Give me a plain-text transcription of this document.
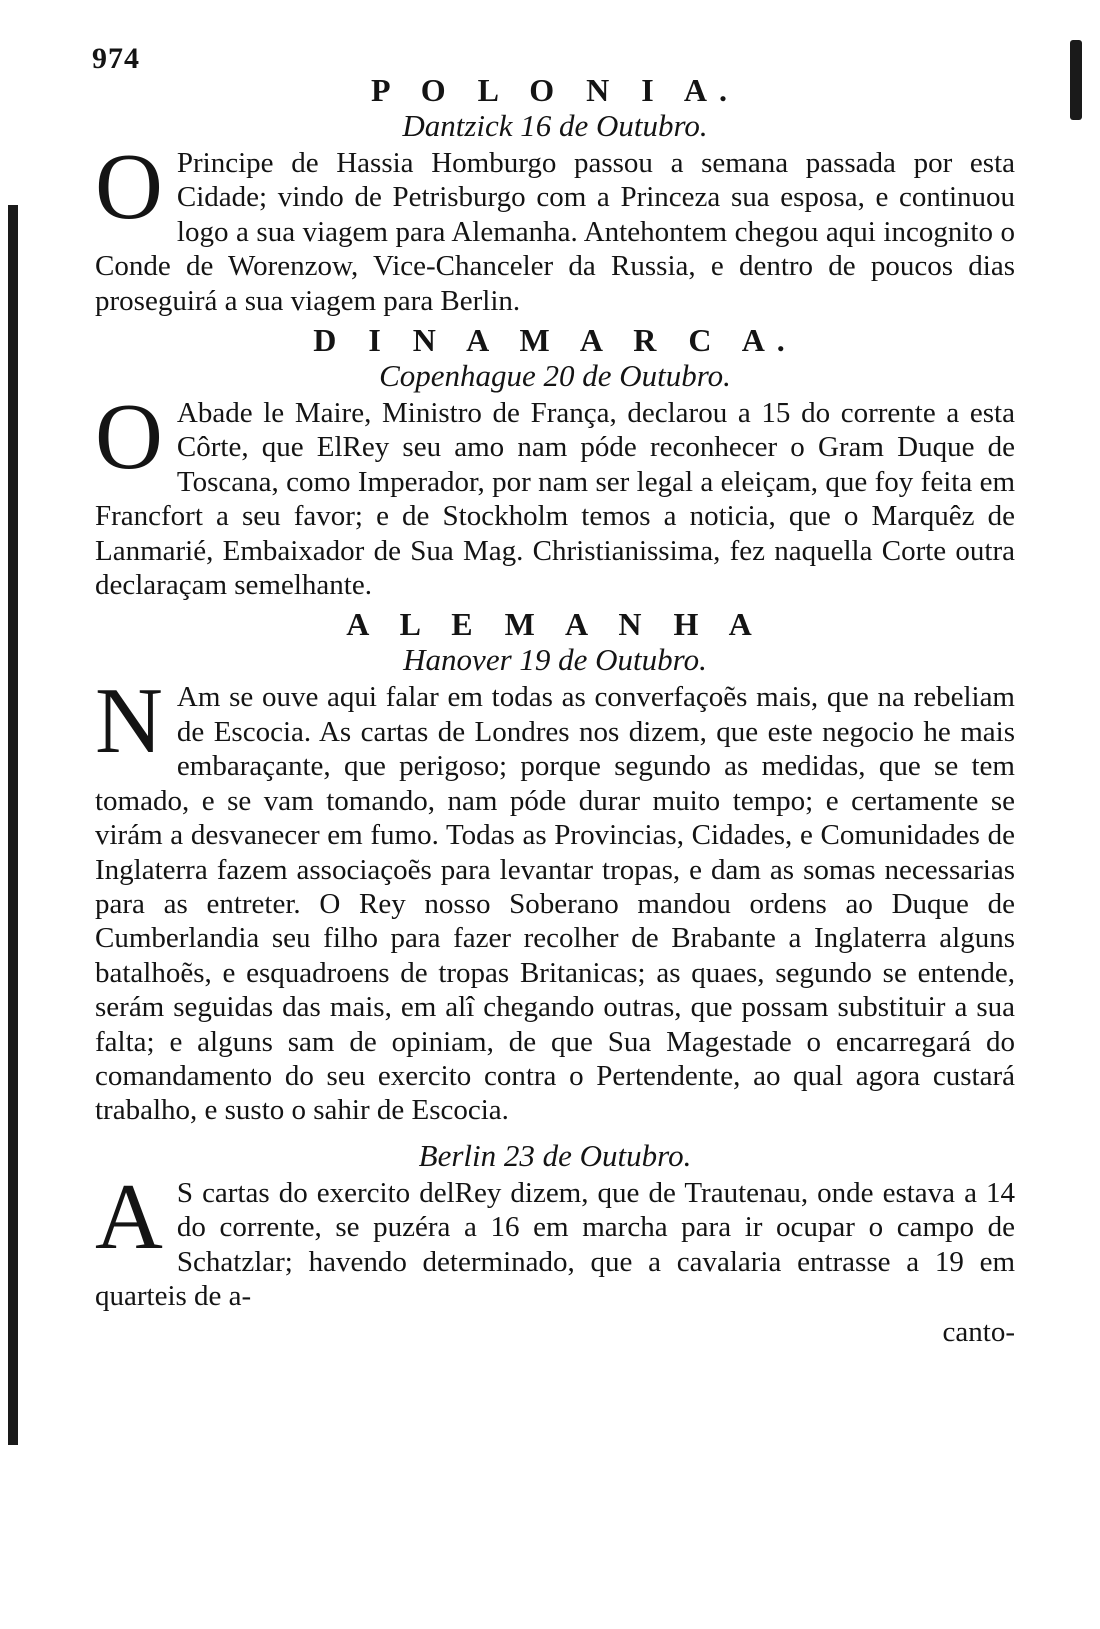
974
P O L O N I A.

Dantzick 16 de Outubro.

O Principe de Hassia Homburgo passou a semana passada por esta Cidade; vindo de Petrisburgo com a Princeza sua esposa, e continuou logo a sua viagem para Alemanha. Antehontem chegou aqui incognito o Conde de Worenzow, Vice-Chanceler da Russia, e dentro de poucos dias proseguirá a sua viagem para Berlin.

D I N A M A R C A.

Copenhague 20 de Outubro.

O Abade le Maire, Ministro de França, declarou a 15 do corrente a esta Côrte, que ElRey seu amo nam póde reconhecer o Gram Duque de Toscana, como Imperador, por nam ser legal a eleiçam, que foy feita em Francfort a seu favor; e de Stockholm temos a noticia, que o Marquêz de Lanmarié, Embaixador de Sua Mag. Christianissima, fez naquella Corte outra declaraçam semelhante.

A L E M A N H A

Hanover 19 de Outubro.

N Am se ouve aqui falar em todas as converfaçoẽs mais, que na rebeliam de Escocia. As cartas de Londres nos dizem, que este negocio he mais embaraçante, que perigoso; porque segundo as medidas, que se tem tomado, e se vam tomando, nam póde durar muito tempo; e certamente se virám a desvanecer em fumo. Todas as Provincias, Cidades, e Comunidades de Inglaterra fazem associaçoẽs para levantar tropas, e dam as somas necessarias para as entreter. O Rey nosso Soberano mandou ordens ao Duque de Cumberlandia seu filho para fazer recolher de Brabante a Inglaterra alguns batalhoẽs, e esquadroens de tropas Britanicas; as quaes, segundo se entende, serám seguidas das mais, em alî chegando outras, que possam substituir a sua falta; e alguns sam de opiniam, de que Sua Magestade o encarregará do comandamento do seu exercito contra o Pertendente, ao qual agora custará trabalho, e susto o sahir de Escocia.

Berlin 23 de Outubro.

A S cartas do exercito delRey dizem, que de Trautenau, onde estava a 14 do corrente, se puzéra a 16 em marcha para ir ocupar o campo de Schatzlar; havendo determinado, que a cavalaria entrasse a 19 em quarteis de a-

canto-
